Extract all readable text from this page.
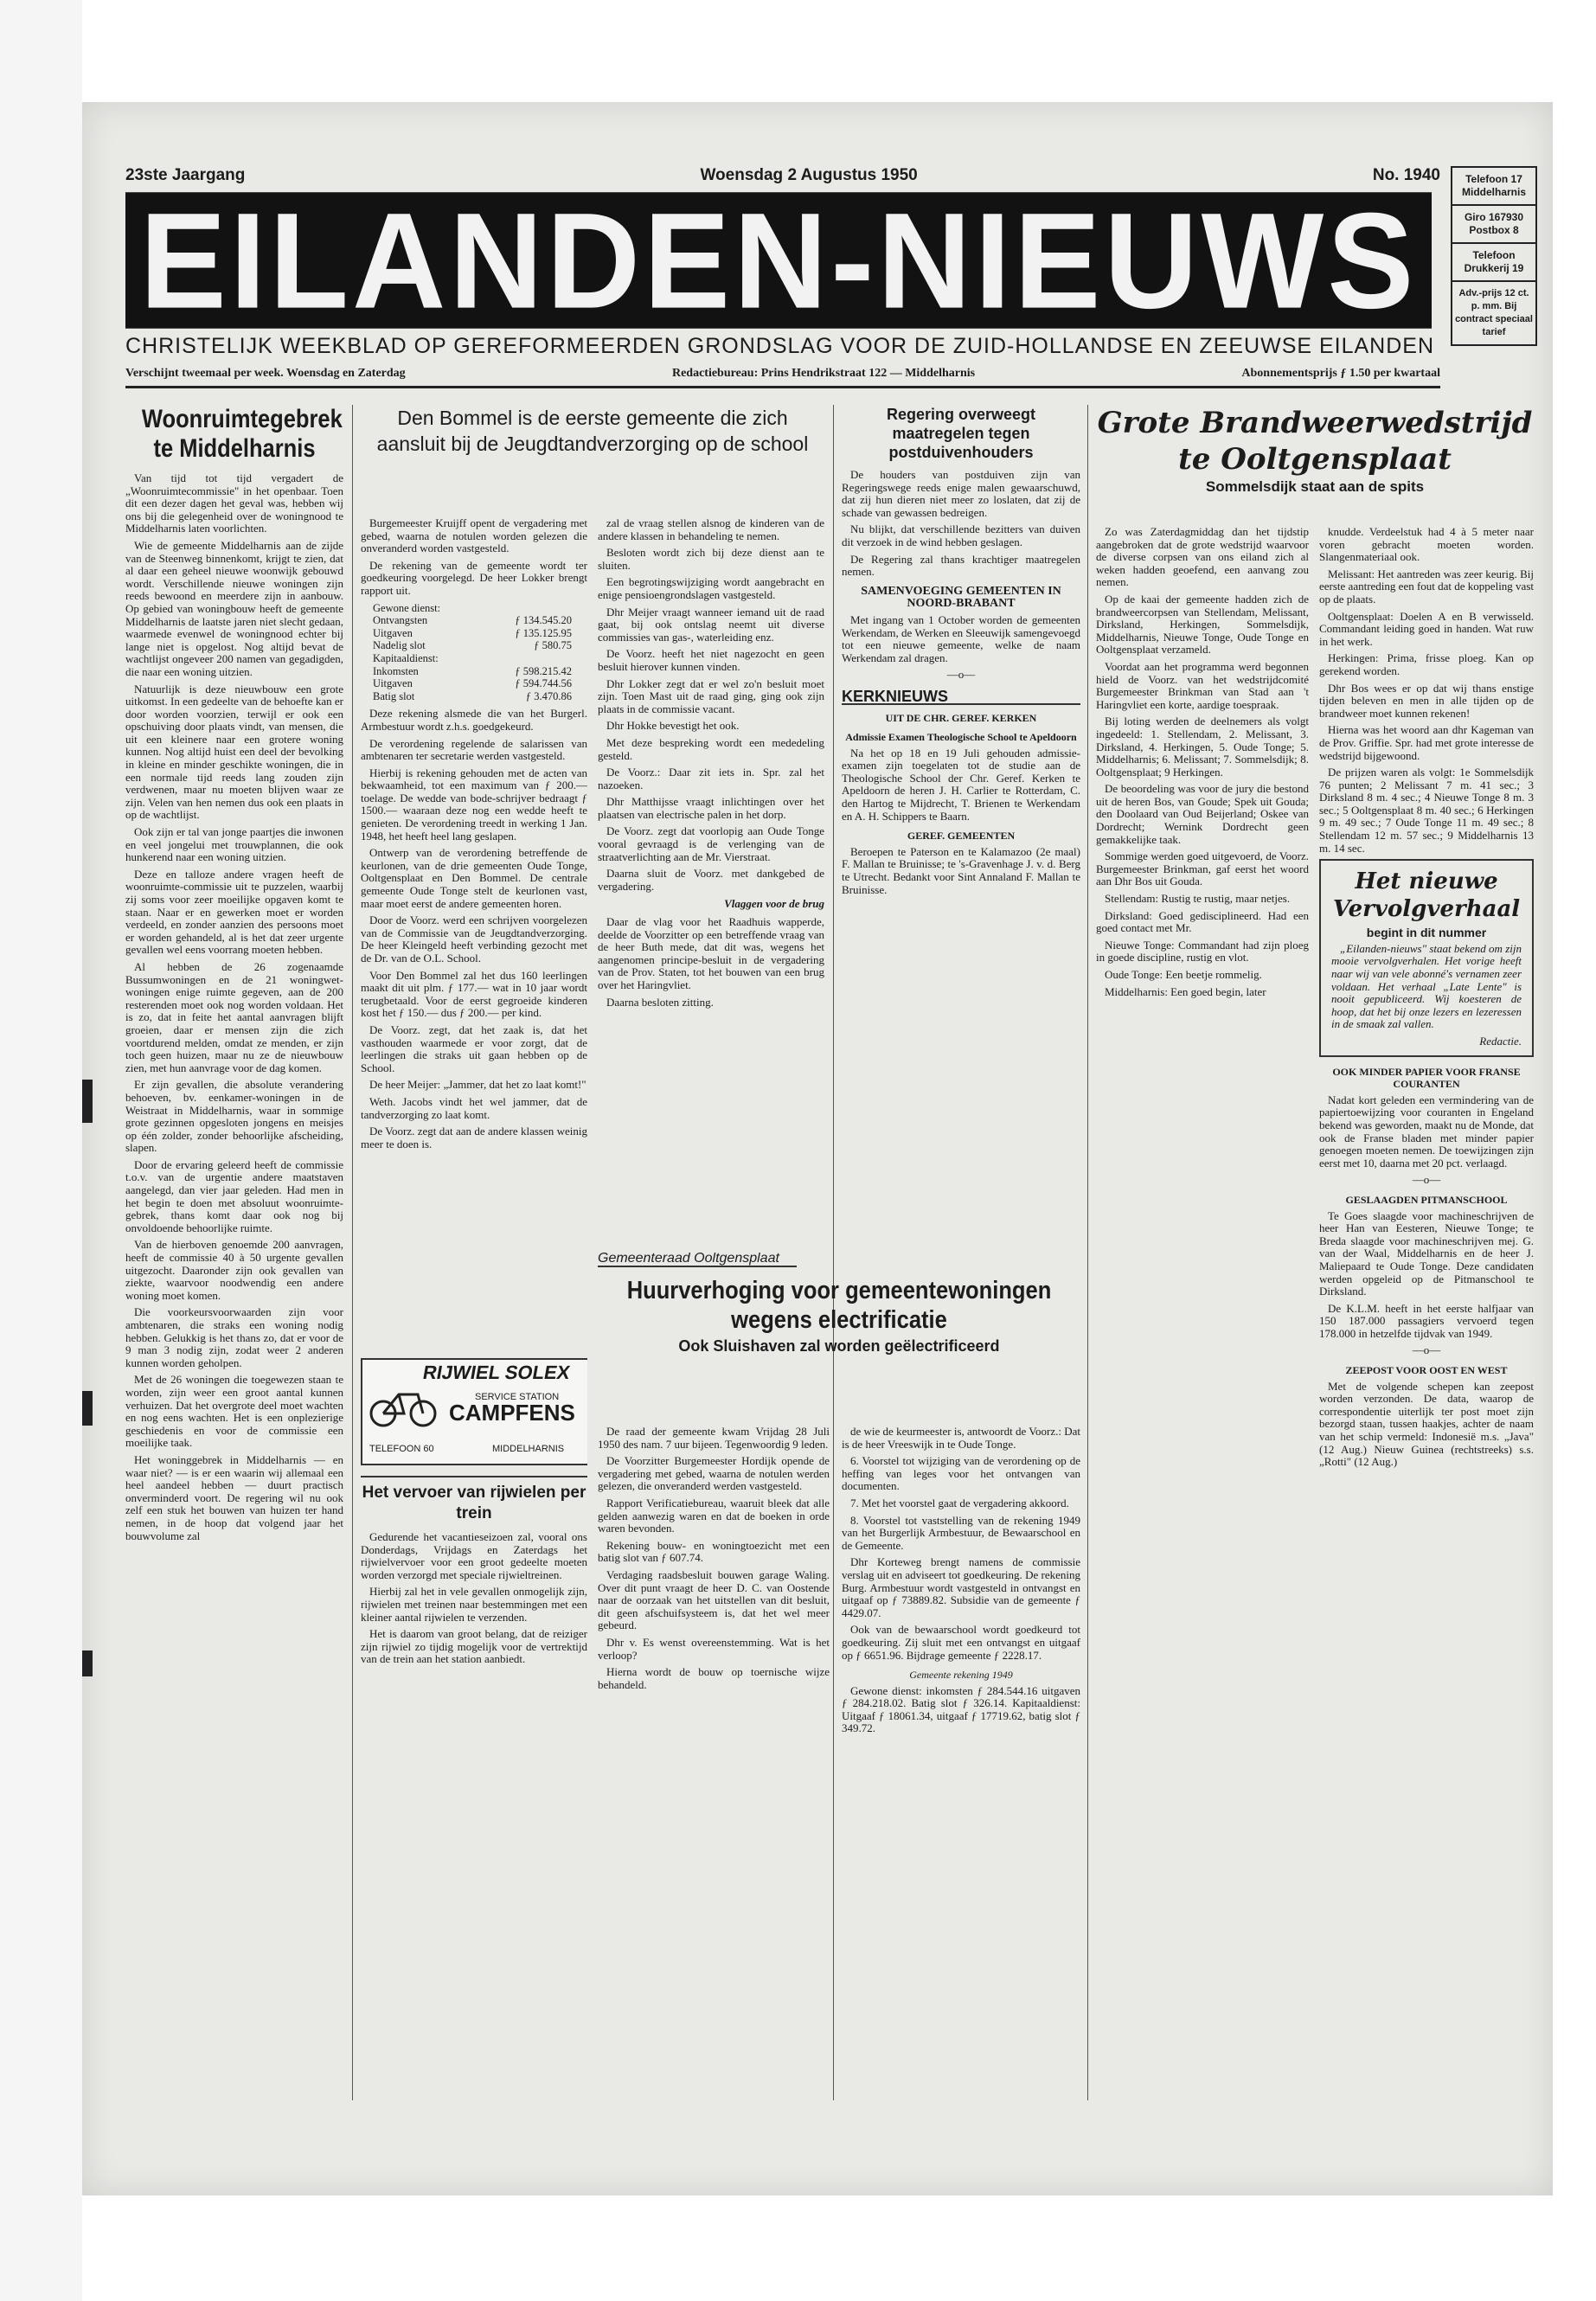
23ste Jaargang	Woensdag 2 Augustus 1950	No. 1940
EILANDEN-NIEUWS
CHRISTELIJK WEEKBLAD OP GEREFORMEERDEN GRONDSLAG VOOR DE ZUID-HOLLANDSE EN ZEEUWSE EILANDEN
Verschijnt tweemaal per week. Woensdag en Zaterdag	Redactiebureau: Prins Hendrikstraat 122 — Middelharnis	Abonnementsprijs ƒ 1.50 per kwartaal
Telefoon 17 Middelharnis
Giro 167930 Postbox 8
Telefoon Drukkerij 19
Adv.-prijs 12 ct. p. mm. Bij contract speciaal tarief
Woonruimtegebrek te Middelharnis

Van tijd tot tijd vergadert de „Woonruimtecommissie" in het openbaar. Toen dit een dezer dagen het geval was, hebben wij ons bij die gelegenheid over de woningnood te Middelharnis laten voorlichten.

Wie de gemeente Middelharnis aan de zijde van de Steenweg binnenkomt, krijgt te zien, dat al daar een geheel nieuwe woonwijk gebouwd wordt. Verschillende nieuwe woningen zijn reeds bewoond en meerdere zijn in aanbouw. Op gebied van woningbouw heeft de gemeente Middelharnis de laatste jaren niet slecht gedaan, waarmede evenwel de woningnood echter bij lange niet is opgelost. Nog altijd bevat de wachtlijst ongeveer 200 namen van gegadigden, die naar een woning uitzien.

Natuurlijk is deze nieuwbouw een grote uitkomst. In een gedeelte van de behoefte kan er door worden voorzien, terwijl er ook een opschuiving door plaats vindt, van mensen, die uit een kleinere naar een grotere woning kunnen. Nog altijd huist een deel der bevolking in kleine en minder geschikte woningen, die in een normale tijd reeds lang zouden zijn verdwenen, maar nu moeten blijven waar ze zijn. Velen van hen nemen dus ook een plaats in op de wachtlijst.

Ook zijn er tal van jonge paartjes die inwonen en veel jongelui met trouwplannen, die ook hunkerend naar een woning uitzien.

Deze en talloze andere vragen heeft de woonruimte-commissie uit te puzzelen, waarbij zij soms voor zeer moeilijke opgaven komt te staan. Naar er en gewerken moet er worden verdeeld, en zonder aanzien des persoons moet er worden gehandeld, al is het dat zeer urgente gevallen wel eens voorrang moeten hebben.

Al hebben de 26 zogenaamde Bussumwoningen en de 21 woningwet-woningen enige ruimte gegeven, aan de 200 resterenden moet ook nog worden voldaan. Het is zo, dat in feite het aantal aanvragen blijft groeien, daar er mensen zijn die zich voortdurend melden, omdat ze menden, er zijn toch geen huizen, maar nu ze de nieuwbouw zien, met hun aanvrage voor de dag komen.

Er zijn gevallen, die absolute verandering behoeven, bv. eenkamer-woningen in de Weistraat in Middelharnis, waar in sommige grote gezinnen opgesloten jongens en meisjes op één zolder, zonder behoorlijke afscheiding, slapen.

Door de ervaring geleerd heeft de commissie t.o.v. van de urgentie andere maatstaven aangelegd, dan vier jaar geleden. Had men in het begin te doen met absoluut woonruimte-gebrek, thans komt daar ook nog bij onvoldoende behoorlijke ruimte.

Van de hierboven genoemde 200 aanvragen, heeft de commissie 40 à 50 urgente gevallen uitgezocht. Daaronder zijn ook gevallen van ziekte, waarvoor noodwendig een andere woning moet komen.

Die voorkeursvoorwaarden zijn voor ambtenaren, die straks een woning nodig hebben. Gelukkig is het thans zo, dat er voor de 9 man 3 nodig zijn, zodat weer 2 anderen kunnen worden geholpen.

Met de 26 woningen die toegewezen staan te worden, zijn weer een groot aantal kunnen verhuizen. Dat het overgrote deel moet wachten en nog eens wachten. Het is een onplezierige geschiedenis en voor de commissie een moeilijke taak.

Het woninggebrek in Middelharnis — en waar niet? — is er een waarin wij allemaal een heel aandeel hebben — duurt practisch onverminderd voort. De regering wil nu ook zelf een stuk het bouwen van huizen ter hand nemen, in de hoop dat volgend jaar het bouwvolume zal

Den Bommel is de eerste gemeente die zich aansluit bij de Jeugdtandverzorging op de school

Burgemeester Kruijff opent de vergadering met gebed, waarna de notulen worden gelezen die onveranderd worden vastgesteld.

De rekening van de gemeente wordt ter goedkeuring voorgelegd. De heer Lokker brengt rapport uit.

Gewone dienst:
Ontvangsten	ƒ 134.545.20
Uitgaven	ƒ 135.125.95
Nadelig slot	ƒ 580.75
Kapitaaldienst:
Inkomsten	ƒ 598.215.42
Uitgaven	ƒ 594.744.56
Batig slot	ƒ 3.470.86

Deze rekening alsmede die van het Burgerl. Armbestuur wordt z.h.s. goedgekeurd.

De verordening regelende de salarissen van ambtenaren ter secretarie werden vastgesteld.

Hierbij is rekening gehouden met de acten van bekwaamheid, tot een maximum van ƒ 200.— toelage. De wedde van bode-schrijver bedraagt ƒ 1500.— waaraan deze nog een wedde heeft te genieten. De verordening treedt in werking 1 Jan. 1948, het heeft heel lang geslapen.

Ontwerp van de verordening betreffende de keurlonen, van de drie gemeenten Oude Tonge, Ooltgensplaat en Den Bommel. De centrale gemeente Oude Tonge stelt de keurlonen vast, maar moet eerst de andere gemeenten horen.

Door de Voorz. werd een schrijven voorgelezen van de Commissie van de Jeugdtandverzorging. De heer Kleingeld heeft verbinding gezocht met de Dr. van de O.L. School.

Voor Den Bommel zal het dus 160 leerlingen maakt dit uit plm. ƒ 177.— wat in 10 jaar wordt terugbetaald. Voor de eerst gegroeide kinderen kost het ƒ 150.— dus ƒ 200.— per kind.

De Voorz. zegt, dat het zaak is, dat het vasthouden waarmede er voor zorgt, dat de leerlingen die straks uit gaan hebben op de School.

De heer Meijer: „Jammer, dat het zo laat komt!"

Weth. Jacobs vindt het wel jammer, dat de tandverzorging zo laat komt.

De Voorz. zegt dat aan de andere klassen weinig meer te doen is.

RIJWIEL SOLEX
SERVICE STATION
CAMPFENS
TELEFOON 60	MIDDELHARNIS
Het vervoer van rijwielen per trein

Gedurende het vacantieseizoen zal, vooral ons Donderdags, Vrijdags en Zaterdags het rijwielvervoer voor een groot gedeelte moeten worden verzorgd met speciale rijwieltreinen.

Hierbij zal het in vele gevallen onmogelijk zijn, rijwielen met treinen naar bestemmingen met een kleiner aantal rijwielen te verzenden.

Het is daarom van groot belang, dat de reiziger zijn rijwiel zo tijdig mogelijk voor de vertrektijd van de trein aan het station aanbiedt.

zal de vraag stellen alsnog de kinderen van de andere klassen in behandeling te nemen.

Besloten wordt zich bij deze dienst aan te sluiten.

Een begrotingswijziging wordt aangebracht en enige pensioengrondslagen vastgesteld.

Dhr Meijer vraagt wanneer iemand uit de raad gaat, bij ook ontslag neemt uit diverse commissies van gas-, waterleiding enz.

De Voorz. heeft het niet nagezocht en geen besluit hierover kunnen vinden.

Dhr Lokker zegt dat er wel zo'n besluit moet zijn. Toen Mast uit de raad ging, ging ook zijn plaats in de commissie vacant.

Dhr Hokke bevestigt het ook.

Met deze bespreking wordt een mededeling gesteld.

De Voorz.: Daar zit iets in. Spr. zal het nazoeken.

Dhr Matthijsse vraagt inlichtingen over het plaatsen van electrische palen in het dorp.

De Voorz. zegt dat voorlopig aan Oude Tonge vooral gevraagd is de verlenging van de straatverlichting aan de Mr. Vierstraat.

Daarna sluit de Voorz. met dankgebed de vergadering.

Vlaggen voor de brug

Daar de vlag voor het Raadhuis wapperde, deelde de Voorzitter op een betreffende vraag van de heer Buth mede, dat dit was, wegens het aangenomen principe-besluit in de vergadering van de Prov. Staten, tot het bouwen van een brug over het Haringvliet.

Daarna besloten zitting.

Regering overweegt maatregelen tegen postduivenhouders

De houders van postduiven zijn van Regeringswege reeds enige malen gewaarschuwd, dat zij hun dieren niet meer zo loslaten, dat zij de schade van gewassen bedreigen.

Nu blijkt, dat verschillende bezitters van duiven dit verzoek in de wind hebben geslagen.

De Regering zal thans krachtiger maatregelen nemen.

SAMENVOEGING GEMEENTEN IN NOORD-BRABANT

Met ingang van 1 October worden de gemeenten Werkendam, de Werken en Sleeuwijk samengevoegd tot een nieuwe gemeente, welke de naam Werkendam zal dragen.

—o—
KERKNIEUWS
UIT DE CHR. GEREF. KERKEN
Admissie Examen Theologische School te Apeldoorn

Na het op 18 en 19 Juli gehouden admissie-examen zijn toegelaten tot de studie aan de Theologische School der Chr. Geref. Kerken te Apeldoorn de heren J. H. Carlier te Rotterdam, C. den Hartog te Mijdrecht, T. Brienen te Werkendam en A. H. Schippers te Baarn.

GEREF. GEMEENTEN

Beroepen te Paterson en te Kalamazoo (2e maal) F. Mallan te Bruinisse; te 's-Gravenhage J. v. d. Berg te Utrecht. Bedankt voor Sint Annaland F. Mallan te Bruinisse.

Gemeenteraad Ooltgensplaat
Huurverhoging voor gemeentewoningen wegens electrificatie
Ook Sluishaven zal worden geëlectrificeerd

De raad der gemeente kwam Vrijdag 28 Juli 1950 des nam. 7 uur bijeen. Tegenwoordig 9 leden.

De Voorzitter Burgemeester Hordijk opende de vergadering met gebed, waarna de notulen werden gelezen, die onveranderd werden vastgesteld.

Rapport Verificatiebureau, waaruit bleek dat alle gelden aanwezig waren en dat de boeken in orde waren bevonden.

Rekening bouw- en woningtoezicht met een batig slot van ƒ 607.74.

Verdaging raadsbesluit bouwen garage Waling. Over dit punt vraagt de heer D. C. van Oostende naar de oorzaak van het uitstellen van dit besluit, dit geen afschuifsysteem is, dat het wel meer gebeurd.

Dhr v. Es wenst overeenstemming. Wat is het verloop?

Hierna wordt de bouw op toernische wijze behandeld.

de wie de keurmeester is, antwoordt de Voorz.: Dat is de heer Vreeswijk in te Oude Tonge.

6. Voorstel tot wijziging van de verordening op de heffing van leges voor het ontvangen van documenten.

7. Met het voorstel gaat de vergadering akkoord.

8. Voorstel tot vaststelling van de rekening 1949 van het Burgerlijk Armbestuur, de Bewaarschool en de Gemeente.

Dhr Korteweg brengt namens de commissie verslag uit en adviseert tot goedkeuring. De rekening Burg. Armbestuur wordt vastgesteld in ontvangst en uitgaaf op ƒ 73889.82. Subsidie van de gemeente ƒ 4429.07.

Ook van de bewaarschool wordt goedkeurd tot goedkeuring. Zij sluit met een ontvangst en uitgaaf op ƒ 6651.96. Bijdrage gemeente ƒ 2228.17.

Gemeente rekening 1949

Gewone dienst: inkomsten ƒ 284.544.16 uitgaven ƒ 284.218.02. Batig slot ƒ 326.14. Kapitaaldienst: Uitgaaf ƒ 18061.34, uitgaaf ƒ 17719.62, batig slot ƒ 349.72.

Grote Brandweerwedstrijd te Ooltgensplaat
Sommelsdijk staat aan de spits

Zo was Zaterdagmiddag dan het tijdstip aangebroken dat de grote wedstrijd waarvoor de diverse corpsen van ons eiland zich al weken hadden geoefend, een aanvang zou nemen.

Op de kaai der gemeente hadden zich de brandweercorpsen van Stellendam, Melissant, Dirksland, Herkingen, Sommelsdijk, Middelharnis, Nieuwe Tonge, Oude Tonge en Ooltgensplaat verzameld.

Voordat aan het programma werd begonnen hield de Voorz. van het wedstrijdcomité Burgemeester Brinkman van Stad aan 't Haringvliet een korte, aardige toespraak.

Bij loting werden de deelnemers als volgt ingedeeld: 1. Stellendam, 2. Melissant, 3. Dirksland, 4. Herkingen, 5. Oude Tonge; 5. Middelharnis; 6. Melissant; 7. Sommelsdijk; 8. Ooltgensplaat; 9 Herkingen.

De beoordeling was voor de jury die bestond uit de heren Bos, van Goude; Spek uit Gouda; den Doolaard van Oud Beijerland; Oskee van Dordrecht; Wernink Dordrecht geen gemakkelijke taak.

Sommige werden goed uitgevoerd, de Voorz. Burgemeester Brinkman, gaf eerst het woord aan Dhr Bos uit Gouda.

Stellendam: Rustig te rustig, maar netjes.

Dirksland: Goed gedisciplineerd. Had een goed contact met Mr.

Nieuwe Tonge: Commandant had zijn ploeg in goede discipline, rustig en vlot.

Oude Tonge: Een beetje rommelig.

Middelharnis: Een goed begin, later

knudde. Verdeelstuk had 4 à 5 meter naar voren gebracht moeten worden. Slangenmateriaal ook.

Melissant: Het aantreden was zeer keurig. Bij eerste aantreding een fout dat de koppeling vast op de plaats.

Ooltgensplaat: Doelen A en B verwisseld. Commandant leiding goed in handen. Wat ruw in het werk.

Herkingen: Prima, frisse ploeg. Kan op gerekend worden.

Dhr Bos wees er op dat wij thans enstige tijden beleven en men in alle tijden op de brandweer moet kunnen rekenen!

Hierna was het woord aan dhr Kageman van de Prov. Griffie. Spr. had met grote interesse de wedstrijd bijgewoond.

De prijzen waren als volgt: 1e Sommelsdijk 76 punten; 2 Melissant 7 m. 41 sec.; 3 Dirksland 8 m. 4 sec.; 4 Nieuwe Tonge 8 m. 3 sec.; 5 Ooltgensplaat 8 m. 40 sec.; 6 Herkingen 9 m. 49 sec.; 7 Oude Tonge 11 m. 49 sec.; 8 Stellendam 12 m. 57 sec.; 9 Middelharnis 13 m. 14 sec.

Het nieuwe Vervolgverhaal
begint in dit nummer

„Eilanden-nieuws" staat bekend om zijn mooie vervolgverhalen. Het vorige heeft naar wij van vele abonné's vernamen zeer voldaan. Het verhaal „Late Lente" is nooit gepubliceerd. Wij koesteren de hoop, dat het bij onze lezers en lezeressen in de smaak zal vallen.

Redactie.
OOK MINDER PAPIER VOOR FRANSE COURANTEN

Nadat kort geleden een vermindering van de papiertoewijzing voor couranten in Engeland bekend was geworden, maakt nu de Monde, dat ook de Franse bladen met minder papier genoegen moeten nemen. De toewijzingen zijn eerst met 10, daarna met 20 pct. verlaagd.

—o—
GESLAAGDEN PITMANSCHOOL

Te Goes slaagde voor machineschrijven de heer Han van Eesteren, Nieuwe Tonge; te Breda slaagde voor machineschrijven mej. G. van der Waal, Middelharnis en de heer J. Maliepaard te Oude Tonge. Deze candidaten werden opgeleid op de Pitmanschool te Dirksland.

De K.L.M. heeft in het eerste halfjaar van 150 187.000 passagiers vervoerd tegen 178.000 in hetzelfde tijdvak van 1949.

—o—
ZEEPOST VOOR OOST EN WEST

Met de volgende schepen kan zeepost worden verzonden. De data, waarop de correspondentie uiterlijk ter post moet zijn bezorgd staan, tussen haakjes, achter de naam van het schip vermeld: Indonesië m.s. „Java" (12 Aug.) Nieuw Guinea (rechtstreeks) s.s. „Rotti" (12 Aug.)
